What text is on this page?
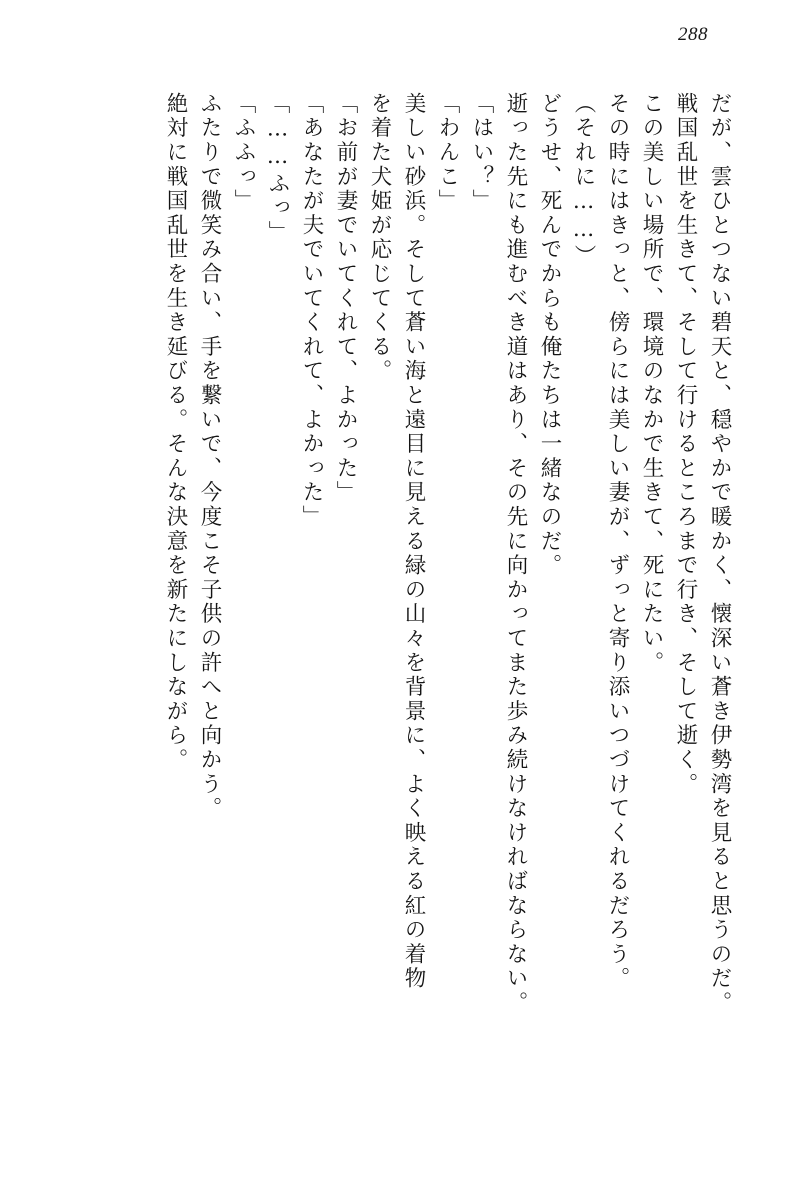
288
だが、雲ひとつない碧天と、穏やかで暖かく、懐深い蒼き伊勢湾を見ると思うのだ。
戦国乱世を生きて、そして行けるところまで行き、そして逝く。
この美しい場所で、環境のなかで生きて、死にたい。
その時にはきっと、傍らには美しい妻が、ずっと寄り添いつづけてくれるだろう。
（それに……）
どうせ、死んでからも俺たちは一緒なのだ。
逝った先にも進むべき道はあり、その先に向かってまた歩み続けなければならない。
「はい？」
「わんこ」
美しい砂浜。そして蒼い海と遠目に見える緑の山々を背景に、よく映える紅の着物
を着た犬姫が応じてくる。
「お前が妻でいてくれて、よかった」
「あなたが夫でいてくれて、よかった」
「……ふっ」
「ふふっ」
ふたりで微笑み合い、手を繋いで、今度こそ子供の許へと向かう。
絶対に戦国乱世を生き延びる。そんな決意を新たにしながら。
